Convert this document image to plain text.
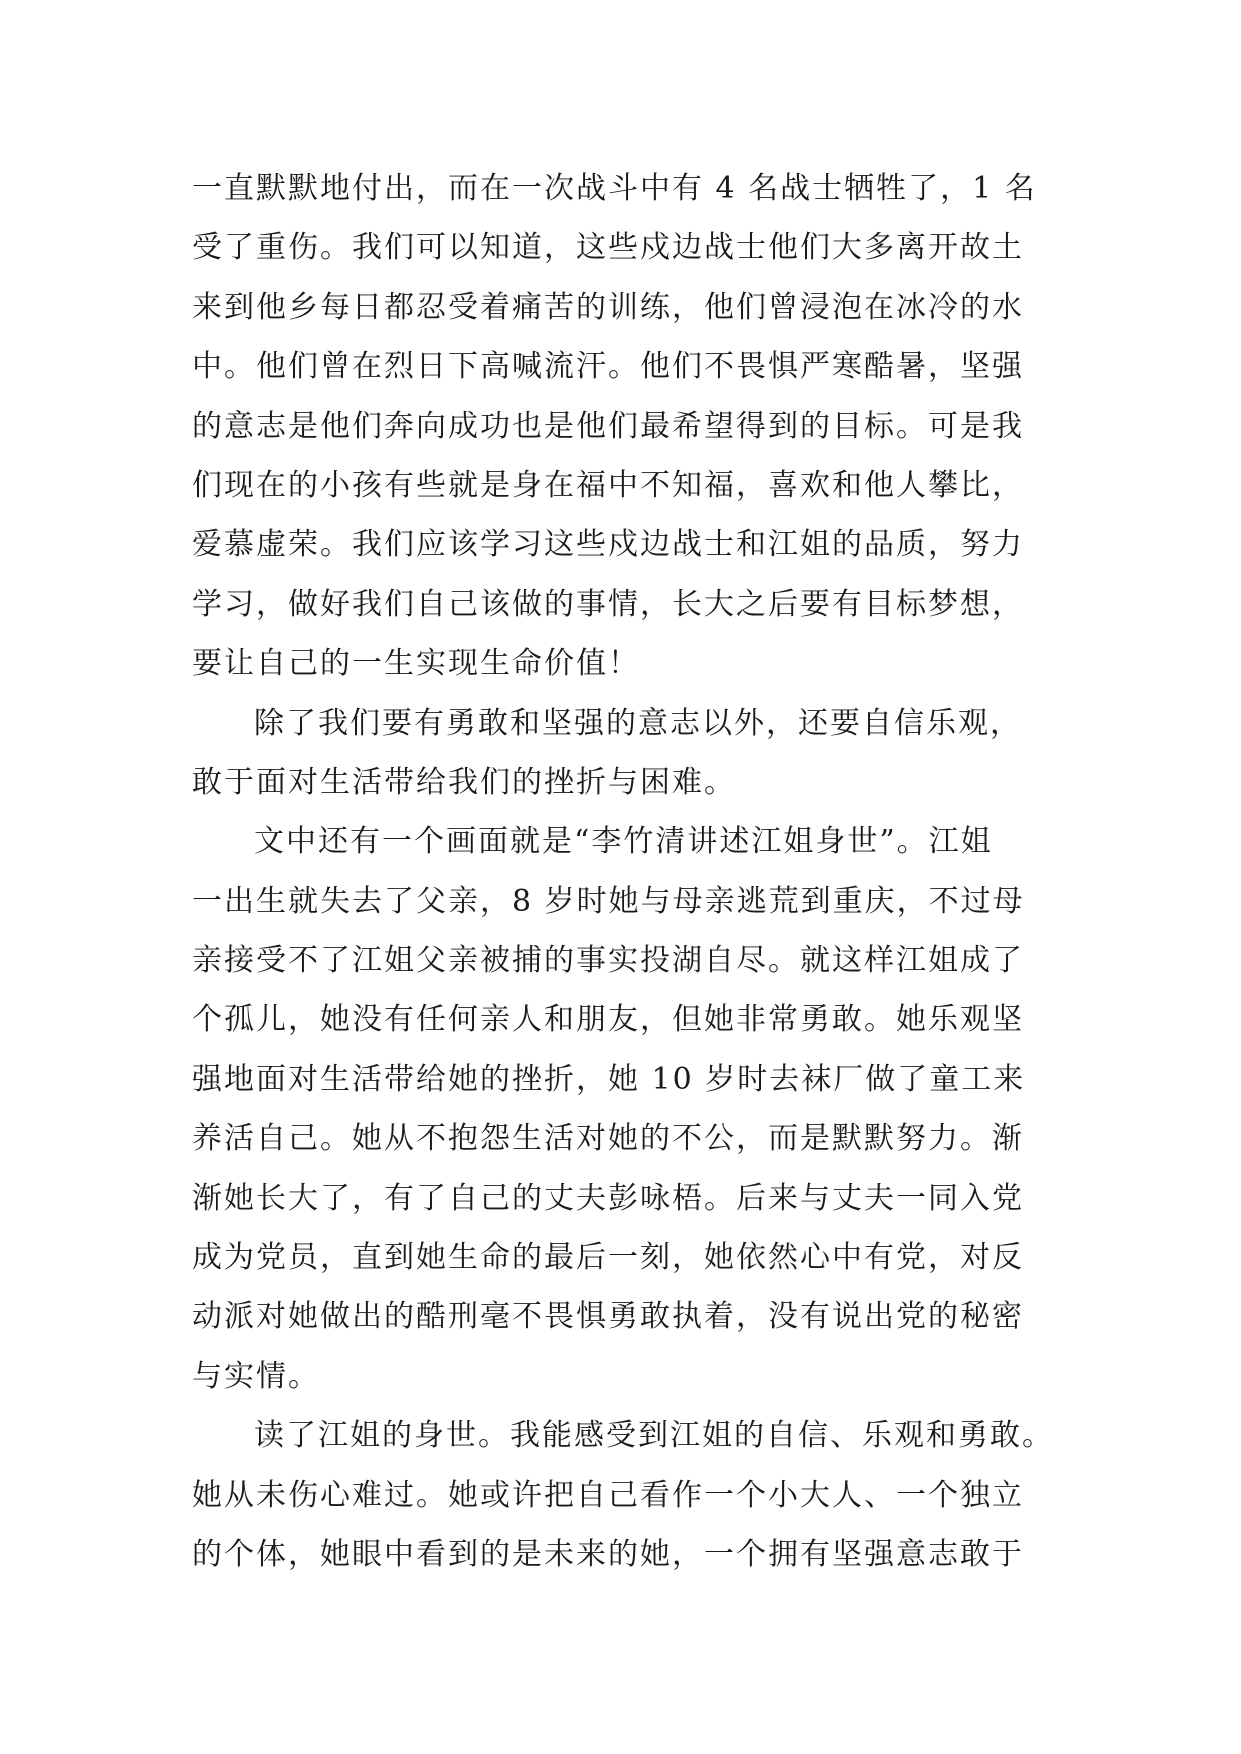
一直默默地付出，而在一次战斗中有 4 名战士牺牲了，1 名
受了重伤。我们可以知道，这些戍边战士他们大多离开故土
来到他乡每日都忍受着痛苦的训练，他们曾浸泡在冰冷的水
中。他们曾在烈日下高喊流汗。他们不畏惧严寒酷暑，坚强
的意志是他们奔向成功也是他们最希望得到的目标。可是我
们现在的小孩有些就是身在福中不知福，喜欢和他人攀比，
爱慕虚荣。我们应该学习这些戍边战士和江姐的品质，努力
学习，做好我们自己该做的事情，长大之后要有目标梦想，
要让自己的一生实现生命价值！
除了我们要有勇敢和坚强的意志以外，还要自信乐观，
敢于面对生活带给我们的挫折与困难。
文中还有一个画面就是“李竹清讲述江姐身世”。江姐
一出生就失去了父亲，8 岁时她与母亲逃荒到重庆，不过母
亲接受不了江姐父亲被捕的事实投湖自尽。就这样江姐成了
个孤儿，她没有任何亲人和朋友，但她非常勇敢。她乐观坚
强地面对生活带给她的挫折，她 10 岁时去袜厂做了童工来
养活自己。她从不抱怨生活对她的不公，而是默默努力。渐
渐她长大了，有了自己的丈夫彭咏梧。后来与丈夫一同入党
成为党员，直到她生命的最后一刻，她依然心中有党，对反
动派对她做出的酷刑毫不畏惧勇敢执着，没有说出党的秘密
与实情。
读了江姐的身世。我能感受到江姐的自信、乐观和勇敢。
她从未伤心难过。她或许把自己看作一个小大人、一个独立
的个体，她眼中看到的是未来的她，一个拥有坚强意志敢于
